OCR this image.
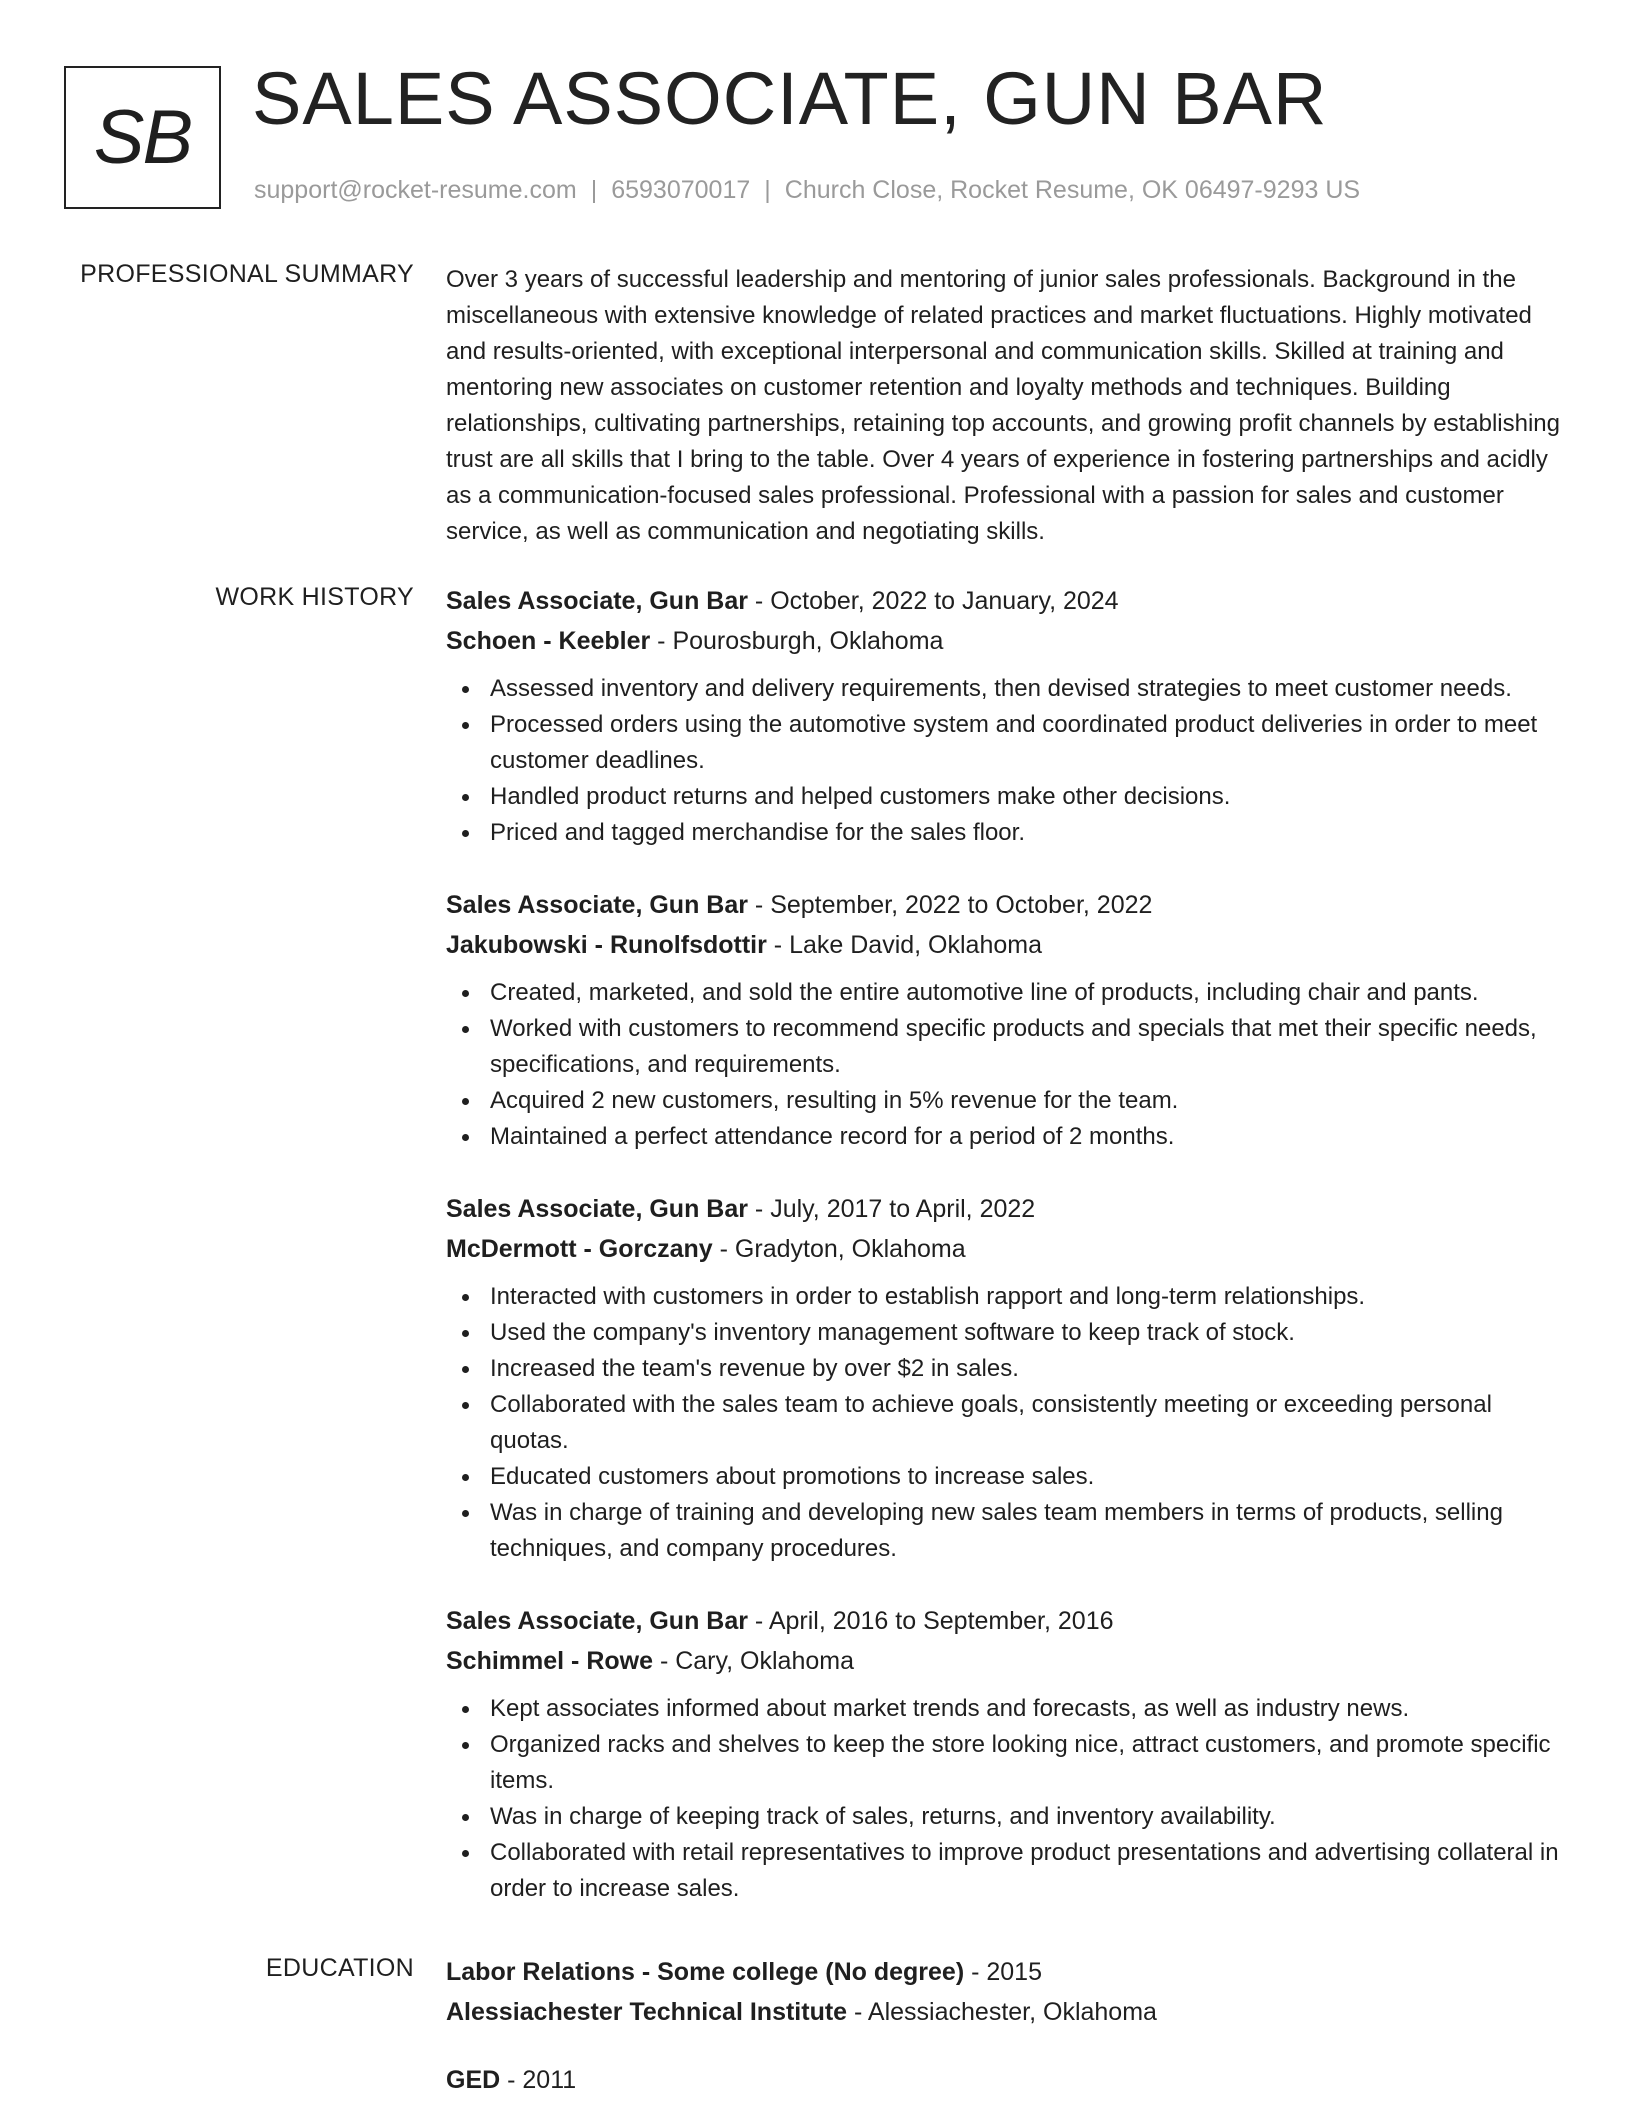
SB SALES ASSOCIATE, GUN BAR
support@rocket-resume.com | 6593070017 | Church Close, Rocket Resume, OK 06497-9293 US
PROFESSIONAL SUMMARY Over 3 years of successful leadership and mentoring of junior sales professionals. Background in the miscellaneous with extensive knowledge of related practices and market fluctuations. Highly motivated and results-oriented, with exceptional interpersonal and communication skills. Skilled at training and mentoring new associates on customer retention and loyalty methods and techniques. Building relationships, cultivating partnerships, retaining top accounts, and growing profit channels by establishing trust are all skills that I bring to the table. Over 4 years of experience in fostering partnerships and acidly as a communication-focused sales professional. Professional with a passion for sales and customer service, as well as communication and negotiating skills.

WORK HISTORY Sales Associate, Gun Bar - October, 2022 to January, 2024
Schoen - Keebler - Pourosburgh, Oklahoma
Assessed inventory and delivery requirements, then devised strategies to meet customer needs.
Processed orders using the automotive system and coordinated product deliveries in order to meet customer deadlines.
Handled product returns and helped customers make other decisions.
Priced and tagged merchandise for the sales floor.
Sales Associate, Gun Bar - September, 2022 to October, 2022
Jakubowski - Runolfsdottir - Lake David, Oklahoma
Created, marketed, and sold the entire automotive line of products, including chair and pants.
Worked with customers to recommend specific products and specials that met their specific needs, specifications, and requirements.
Acquired 2 new customers, resulting in 5% revenue for the team.
Maintained a perfect attendance record for a period of 2 months.
Sales Associate, Gun Bar - July, 2017 to April, 2022
McDermott - Gorczany - Gradyton, Oklahoma
Interacted with customers in order to establish rapport and long-term relationships.
Used the company's inventory management software to keep track of stock.
Increased the team's revenue by over $2 in sales.
Collaborated with the sales team to achieve goals, consistently meeting or exceeding personal quotas.
Educated customers about promotions to increase sales.
Was in charge of training and developing new sales team members in terms of products, selling techniques, and company procedures.
Sales Associate, Gun Bar - April, 2016 to September, 2016
Schimmel - Rowe - Cary, Oklahoma
Kept associates informed about market trends and forecasts, as well as industry news.
Organized racks and shelves to keep the store looking nice, attract customers, and promote specific items.
Was in charge of keeping track of sales, returns, and inventory availability.
Collaborated with retail representatives to improve product presentations and advertising collateral in order to increase sales.
EDUCATION Labor Relations - Some college (No degree) - 2015
Alessiachester Technical Institute - Alessiachester, Oklahoma
GED - 2011
